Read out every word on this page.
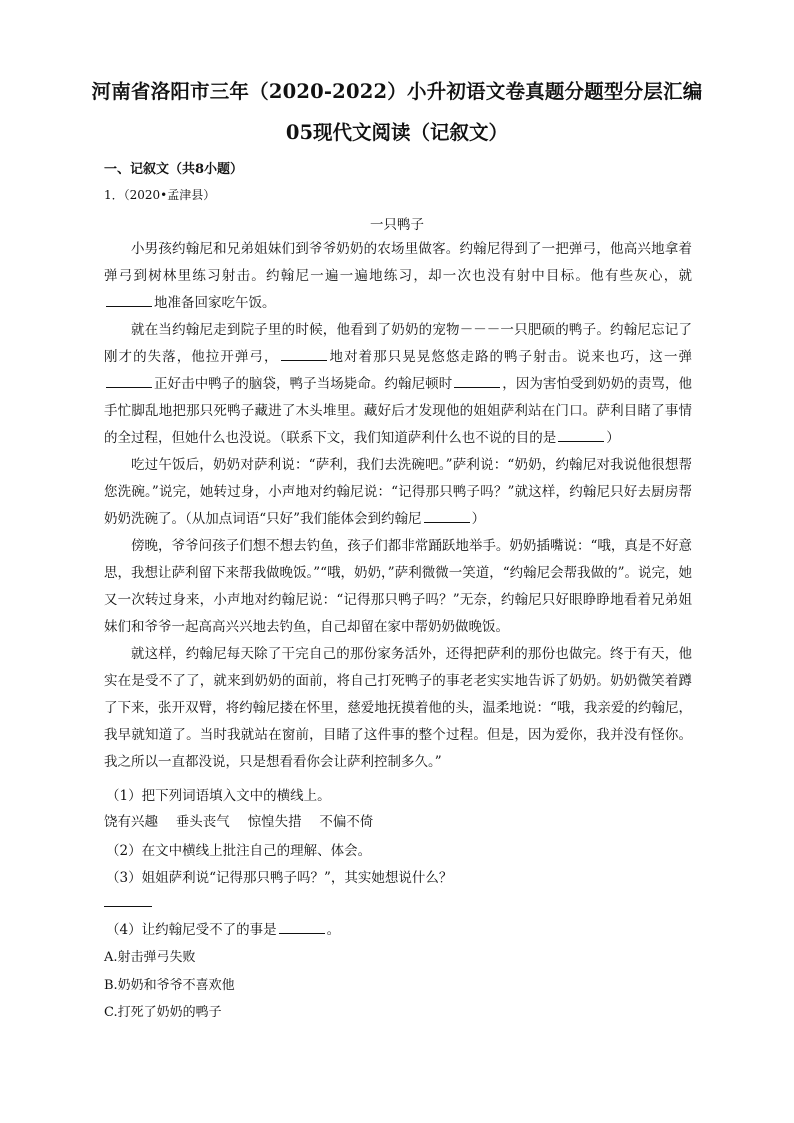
河南省洛阳市三年（2020-2022）小升初语文卷真题分题型分层汇编
05现代文阅读（记叙文）
一、记叙文（共8小题）
1．（2020•孟津县）
一只鸭子

小男孩约翰尼和兄弟姐妹们到爷爷奶奶的农场里做客。约翰尼得到了一把弹弓，他高兴地拿着弹弓到树林里练习射击。约翰尼一遍一遍地练习，却一次也没有射中目标。他有些灰心，就地准备回家吃午饭。

就在当约翰尼走到院子里的时候，他看到了奶奶的宠物－－－一只肥硕的鸭子。约翰尼忘记了刚才的失落，他拉开弹弓，	地对着那只晃晃悠悠走路的鸭子射击。说来也巧，这一弹正好击中鸭子的脑袋，鸭子当场毙命。约翰尼顿时	，因为害怕受到奶奶的责骂，他手忙脚乱地把那只死鸭子藏进了木头堆里。藏好后才发现他的姐姐萨利站在门口。萨利目睹了事情的全过程，但她什么也没说。（联系下文，我们知道萨利什么也不说的目的是	）

吃过午饭后，奶奶对萨利说：“萨利，我们去洗碗吧。”萨利说：“奶奶，约翰尼对我说他很想帮您洗碗。”说完，她转过身，小声地对约翰尼说：“记得那只鸭子吗？”就这样，约翰尼只好去厨房帮奶奶洗碗了。（从加点词语“只好”我们能体会到约翰尼	）

傍晚，爷爷问孩子们想不想去钓鱼，孩子们都非常踊跃地举手。奶奶插嘴说：“哦，真是不好意思，我想让萨利留下来帮我做晚饭。”“哦，奶奶，”萨利微微一笑道，“约翰尼会帮我做的”。说完，她又一次转过身来，小声地对约翰尼说：“记得那只鸭子吗？”无奈，约翰尼只好眼睁睁地看着兄弟姐妹们和爷爷一起高高兴兴地去钓鱼，自己却留在家中帮奶奶做晚饭。

就这样，约翰尼每天除了干完自己的那份家务活外，还得把萨利的那份也做完。终于有天，他实在是受不了了，就来到奶奶的面前，将自己打死鸭子的事老老实实地告诉了奶奶。奶奶微笑着蹲了下来，张开双臂，将约翰尼搂在怀里，慈爱地抚摸着他的头，温柔地说：“哦，我亲爱的约翰尼，我早就知道了。当时我就站在窗前，目睹了这件事的整个过程。但是，因为爱你，我并没有怪你。我之所以一直都没说，只是想看看你会让萨利控制多久。”

（1）把下列词语填入文中的横线上。
饶有兴趣　 垂头丧气 　惊惶失措 　不偏不倚
（2）在文中横线上批注自己的理解、体会。
（3）姐姐萨利说“记得那只鸭子吗？”，其实她想说什么？
（4）让约翰尼受不了的事是	。
A.射击弹弓失败
B.奶奶和爷爷不喜欢他
C.打死了奶奶的鸭子
